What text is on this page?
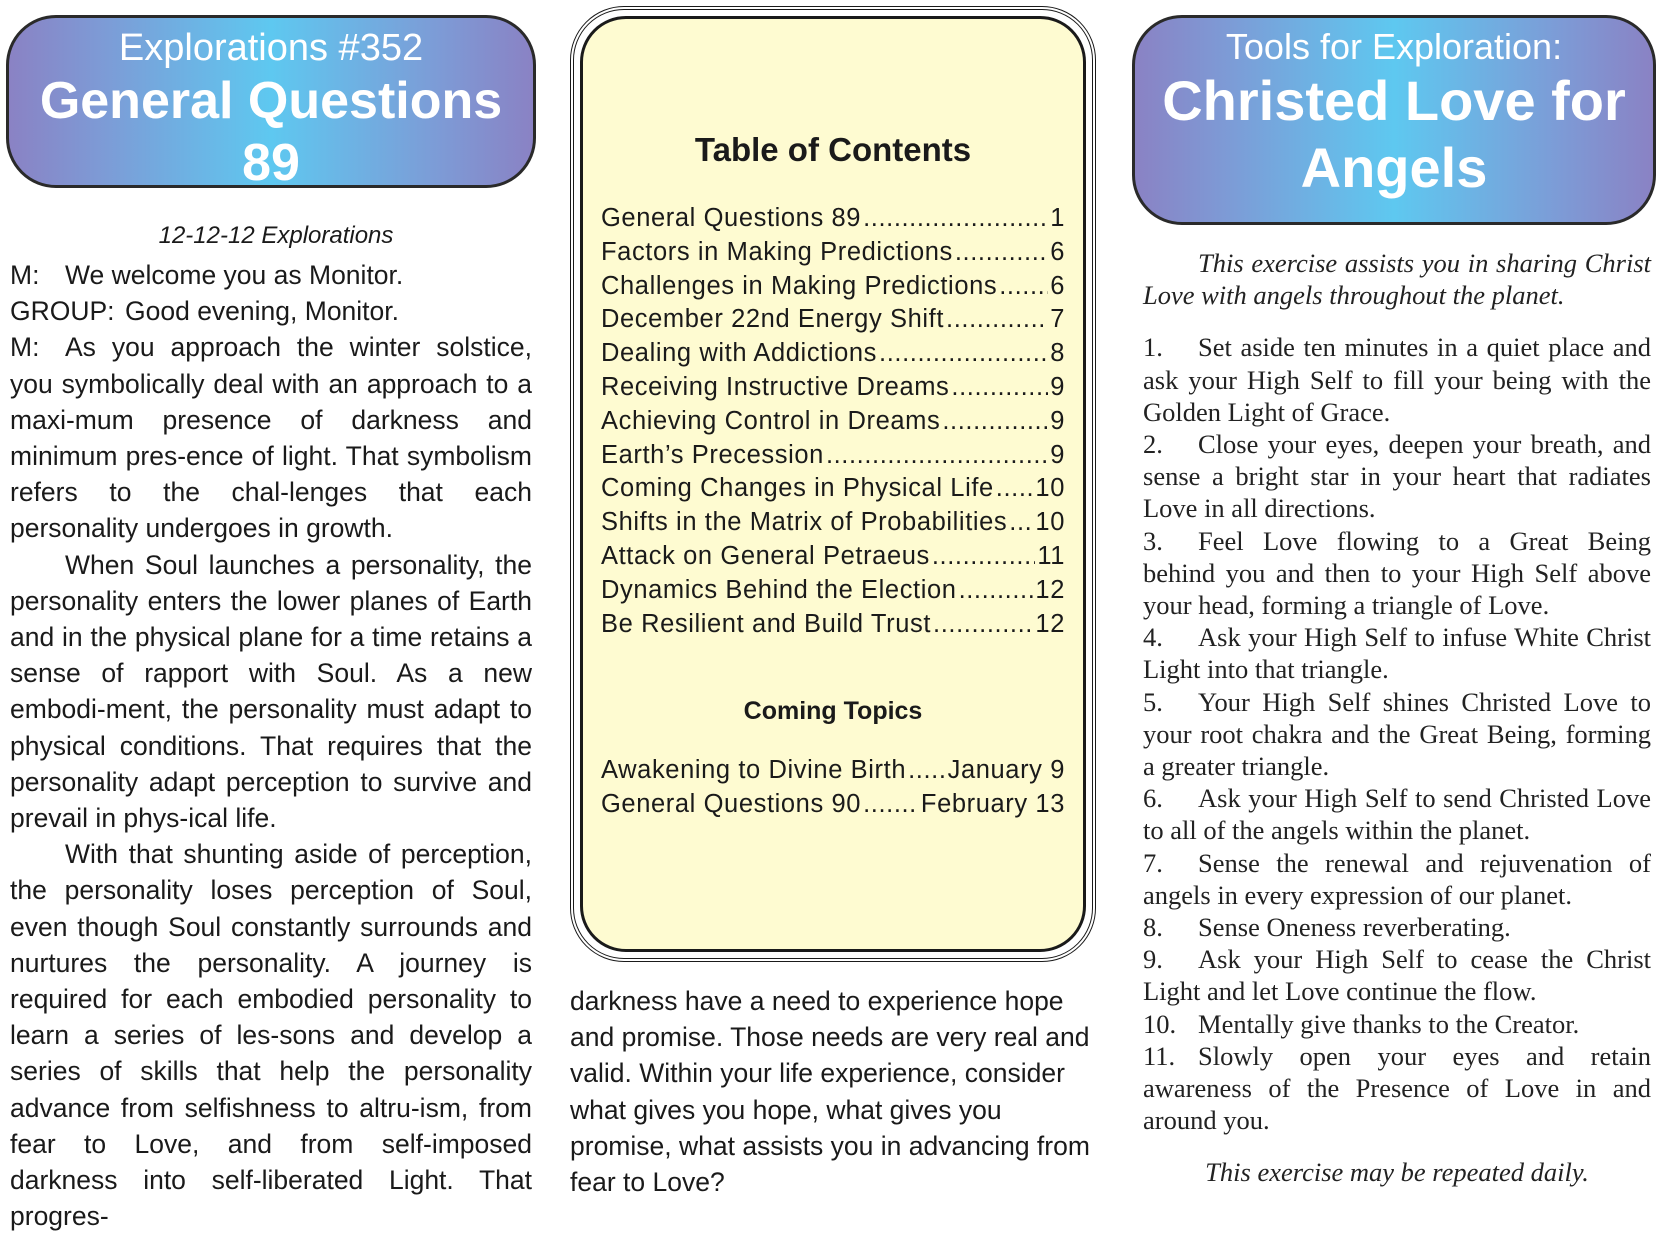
Explorations #352
General Questions 89
Tools for Exploration:
Christed Love for
Angels
12-12-12 Explorations

M: We welcome you as Monitor.

GROUP: Good evening, Monitor.

M: As you approach the winter solstice, you symbolically deal with an approach to a maxi-mum presence of darkness and minimum pres-ence of light. That symbolism refers to the chal-lenges that each personality undergoes in growth.

When Soul launches a personality, the personality enters the lower planes of Earth and in the physical plane for a time retains a sense of rapport with Soul. As a new embodi-ment, the personality must adapt to physical conditions. That requires that the personality adapt perception to survive and prevail in phys-ical life.

With that shunting aside of perception, the personality loses perception of Soul, even though Soul constantly surrounds and nurtures the personality. A journey is required for each embodied personality to learn a series of les-sons and develop a series of skills that help the personality advance from selfishness to altru-ism, from fear to Love, and from self-imposed darkness into self-liberated Light. That progres-

Table of Contents
General Questions 89 .....	1
Factors in Making Predictions .....	6
Challenges in Making Predictions ..... 6
December 22nd Energy Shift .....	7
Dealing with Addictions .....	8
Receiving Instructive Dreams .....	9
Achieving Control in Dreams .....	9
Earth’s Precession .....	9
Coming Changes in Physical Life ..... 10
Shifts in the Matrix of Probabilities ..... 10
Attack on General Petraeus .....	11
Dynamics Behind the Election .....	12
Be Resilient and Build Trust .....	12
Coming Topics
Awakening to Divine Birth ..... January 9
General Questions 90 ..... February 13

darkness have a need to experience hope and promise. Those needs are very real and valid. Within your life experience, consider what gives you hope, what gives you promise, what assists you in advancing from fear to Love?

This exercise assists you in sharing Christ Love with angels throughout the planet.

1. Set aside ten minutes in a quiet place and ask your High Self to fill your being with the Golden Light of Grace.

2. Close your eyes, deepen your breath, and sense a bright star in your heart that radiates Love in all directions.

3. Feel Love flowing to a Great Being behind you and then to your High Self above your head, forming a triangle of Love.

4. Ask your High Self to infuse White Christ Light into that triangle.

5. Your High Self shines Christed Love to your root chakra and the Great Being, forming a greater triangle.

6. Ask your High Self to send Christed Love to all of the angels within the planet.

7. Sense the renewal and rejuvenation of angels in every expression of our planet.

8. Sense Oneness reverberating.

9. Ask your High Self to cease the Christ Light and let Love continue the flow.

10. Mentally give thanks to the Creator.

11. Slowly open your eyes and retain awareness of the Presence of Love in and around you.

This exercise may be repeated daily.
